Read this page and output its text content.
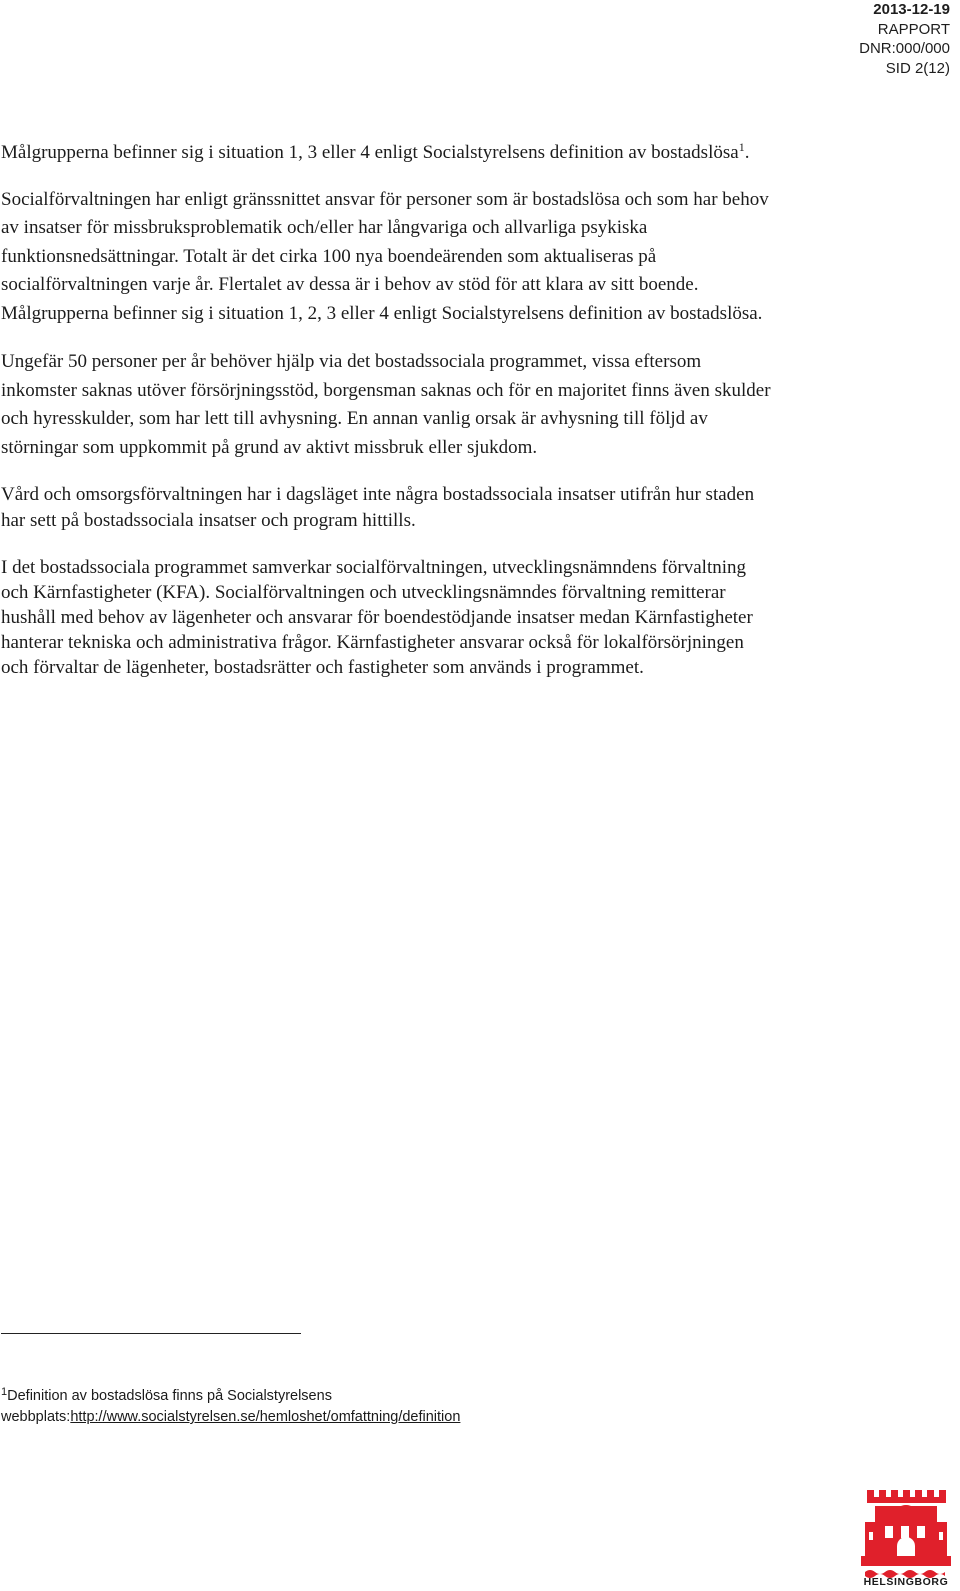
2013-12-19
RAPPORT
DNR:000/000
SID 2(12)

Målgrupperna befinner sig i situation 1, 3 eller 4 enligt Socialstyrelsens definition av bostadslösa$^1$.

Socialförvaltningen har enligt gränssnittet ansvar för personer som är bostadslösa och som har behov av insatser för missbruksproblematik och/eller har långvariga och allvarliga psykiska funktionsnedsättningar. Totalt är det cirka 100 nya boendeärenden som aktualiseras på socialförvaltningen varje år. Flertalet av dessa är i behov av stöd för att klara av sitt boende. Målgrupperna befinner sig i situation 1, 2, 3 eller 4 enligt Socialstyrelsens definition av bostadslösa.

Ungefär 50 personer per år behöver hjälp via det bostadssociala programmet, vissa eftersom inkomster saknas utöver försörjningsstöd, borgensman saknas och för en majoritet finns även skulder och hyresskulder, som har lett till avhysning. En annan vanlig orsak är avhysning till följd av störningar som uppkommit på grund av aktivt missbruk eller sjukdom.

Vård och omsorgsförvaltningen har i dagsläget inte några bostadssociala insatser utifrån hur staden har sett på bostadssociala insatser och program hittills.

I det bostadssociala programmet samverkar socialförvaltningen, utvecklingsnämndens förvaltning och Kärnfastigheter (KFA). Socialförvaltningen och utvecklingsnämndes förvaltning remitterar hushåll med behov av lägenheter och ansvarar för boendestödjande insatser medan Kärnfastigheter hanterar tekniska och administrativa frågor. Kärnfastigheter ansvarar också för lokalförsörjningen och förvaltar de lägenheter, bostadsrätter och fastigheter som används i programmet.

$^1$Definition av bostadslösa finns på Socialstyrelsens
webbplats:http://www.socialstyrelsen.se/hemloshet/omfattning/definition
HELSINGBORG
